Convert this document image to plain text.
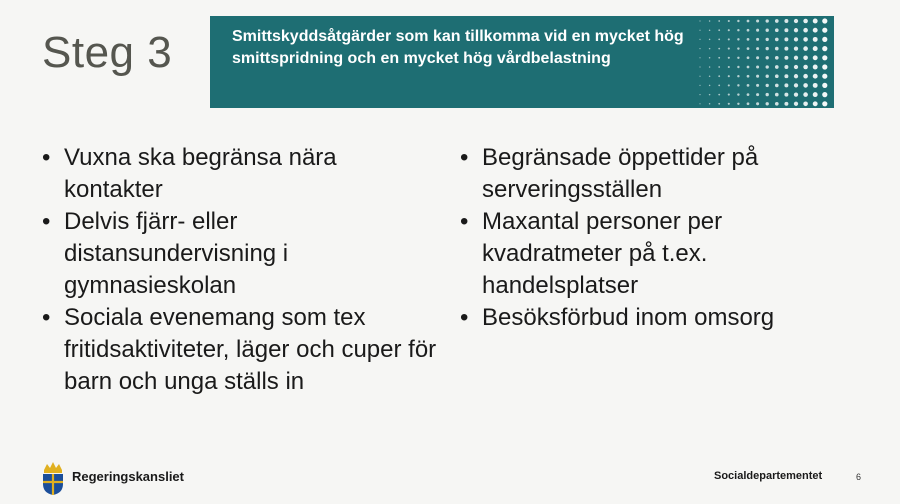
Steg 3	Smittskyddsåtgärder som kan tillkomma vid en mycket hög smittspridning och en mycket hög vårdbelastning
• Vuxna ska begränsa nära kontakter
• Delvis fjärr- eller distansundervisning i gymnasieskolan
• Sociala evenemang som tex fritidsaktiviteter, läger och cuper för barn och unga ställs in
• Begränsade öppettider på serveringsställen
• Maxantal personer per kvadratmeter på t.ex. handelsplatser
• Besöksförbud inom omsorg
Regeringskansliet	Socialdepartementet	6
